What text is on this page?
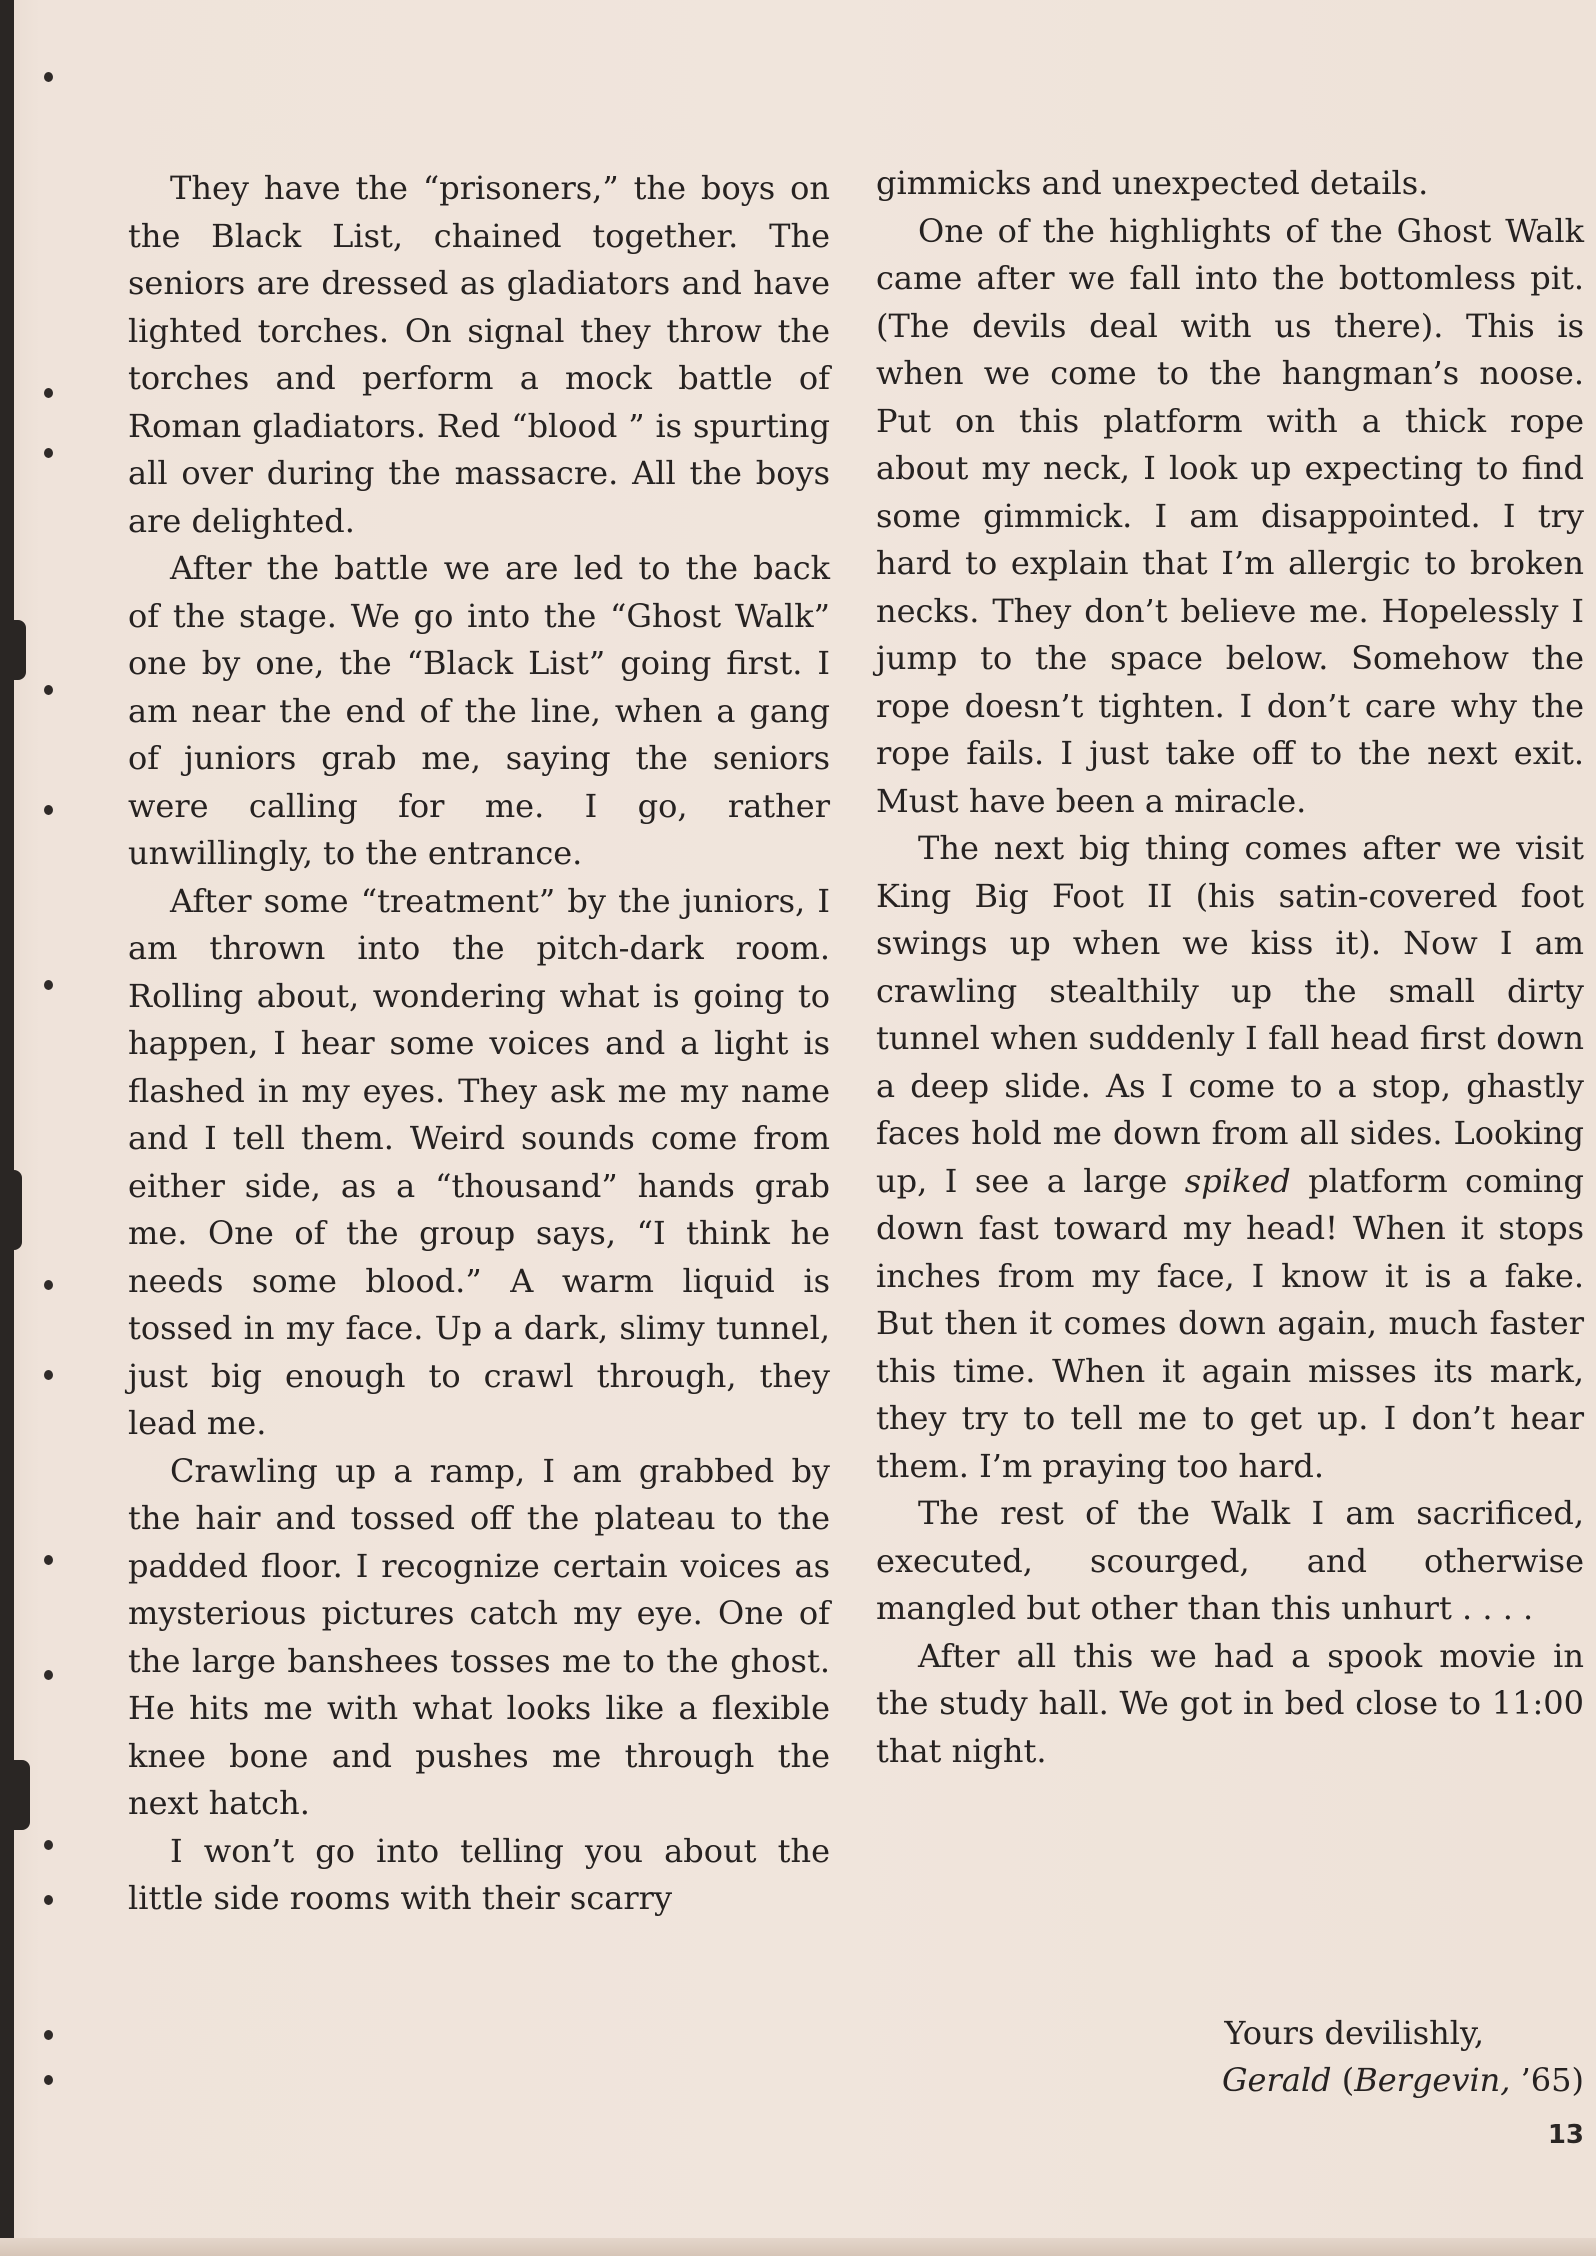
They have the “prisoners,” the boys on the Black List, chained together. The seniors are dressed as gladiators and have lighted torches. On signal they throw the torches and perform a mock battle of Roman gladiators. Red “blood ” is spurting all over during the massacre. All the boys are delighted.

After the battle we are led to the back of the stage. We go into the “Ghost Walk” one by one, the “Black List” going first. I am near the end of the line, when a gang of juniors grab me, saying the seniors were calling for me. I go, rather unwillingly, to the entrance.

After some “treatment” by the juniors, I am thrown into the pitch-dark room. Rolling about, wondering what is going to happen, I hear some voices and a light is flashed in my eyes. They ask me my name and I tell them. Weird sounds come from either side, as a “thousand” hands grab me. One of the group says, “I think he needs some blood.” A warm liquid is tossed in my face. Up a dark, slimy tunnel, just big enough to crawl through, they lead me.

Crawling up a ramp, I am grabbed by the hair and tossed off the plateau to the padded floor. I recognize certain voices as mysterious pictures catch my eye. One of the large banshees tosses me to the ghost. He hits me with what looks like a flexible knee bone and pushes me through the next hatch.

I won’t go into telling you about the little side rooms with their scarry

gimmicks and unexpected details.

One of the highlights of the Ghost Walk came after we fall into the bottomless pit. (The devils deal with us there). This is when we come to the hangman’s noose. Put on this platform with a thick rope about my neck, I look up expecting to find some gimmick. I am disappointed. I try hard to explain that I’m allergic to broken necks. They don’t believe me. Hopelessly I jump to the space below. Somehow the rope doesn’t tighten. I don’t care why the rope fails. I just take off to the next exit. Must have been a miracle.

The next big thing comes after we visit King Big Foot II (his satin-covered foot swings up when we kiss it). Now I am crawling stealthily up the small dirty tunnel when suddenly I fall head first down a deep slide. As I come to a stop, ghastly faces hold me down from all sides. Looking up, I see a large spiked platform coming down fast toward my head! When it stops inches from my face, I know it is a fake. But then it comes down again, much faster this time. When it again misses its mark, they try to tell me to get up. I don’t hear them. I’m praying too hard.

The rest of the Walk I am sacrificed, executed, scourged, and otherwise mangled but other than this unhurt . . . .

After all this we had a spook movie in the study hall. We got in bed close to 11:00 that night.

Yours devilishly,
Gerald (Bergevin, ’65)
13
